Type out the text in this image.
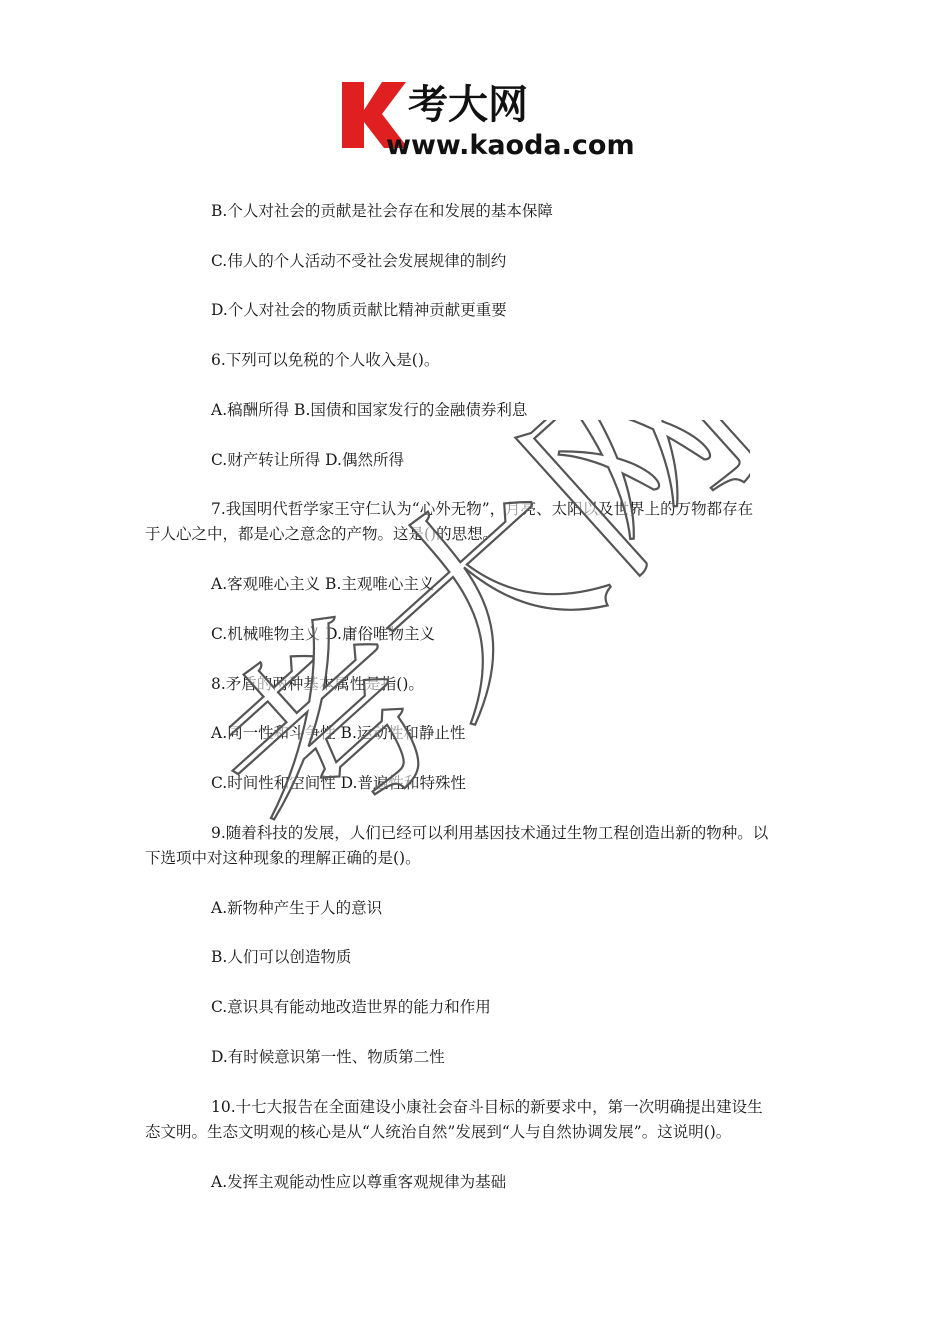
考大网
www.kaoda.com
B.个人对社会的贡献是社会存在和发展的基本保障
C.伟人的个人活动不受社会发展规律的制约
D.个人对社会的物质贡献比精神贡献更重要
6.下列可以免税的个人收入是()。
A.稿酬所得 B.国债和国家发行的金融债券利息
C.财产转让所得 D.偶然所得
7.我国明代哲学家王守仁认为“心外无物”，月亮、太阳以及世界上的万物都存在
于人心之中，都是心之意念的产物。这是()的思想。
A.客观唯心主义 B.主观唯心主义
C.机械唯物主义 D.庸俗唯物主义
8.矛盾的两种基本属性是指()。
A.同一性和斗争性 B.运动性和静止性
C.时间性和空间性 D.普遍性和特殊性
9.随着科技的发展，人们已经可以利用基因技术通过生物工程创造出新的物种。以
下选项中对这种现象的理解正确的是()。
A.新物种产生于人的意识
B.人们可以创造物质
C.意识具有能动地改造世界的能力和作用
D.有时候意识第一性、物质第二性
10.十七大报告在全面建设小康社会奋斗目标的新要求中，第一次明确提出建设生
态文明。生态文明观的核心是从“人统治自然”发展到“人与自然协调发展”。这说明()。
A.发挥主观能动性应以尊重客观规律为基础
考大网
